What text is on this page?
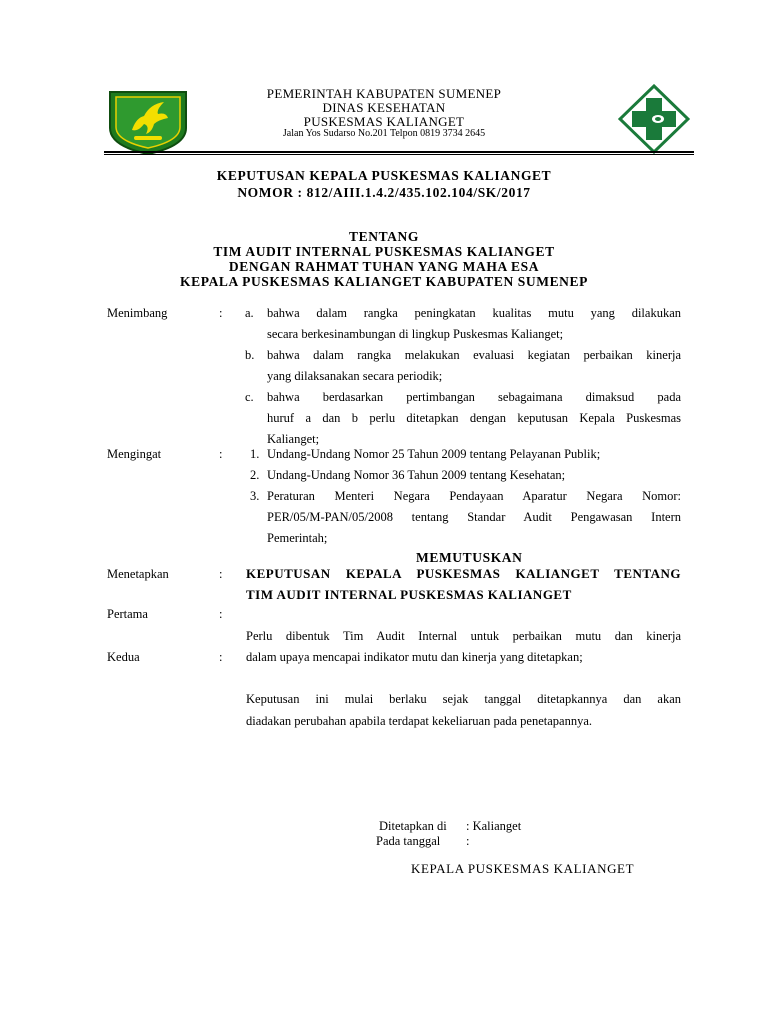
PEMERINTAH KABUPATEN SUMENEP
DINAS KESEHATAN
PUSKESMAS KALIANGET
Jalan Yos Sudarso No.201 Telpon 0819 3734 2645
KEPUTUSAN KEPALA PUSKESMAS KALIANGET
NOMOR : 812/AIII.1.4.2/435.102.104/SK/2017
TENTANG
TIM AUDIT INTERNAL PUSKESMAS KALIANGET
DENGAN RAHMAT TUHAN YANG MAHA ESA
KEPALA PUSKESMAS KALIANGET KABUPATEN SUMENEP
Menimbang	: a. bahwa dalam rangka peningkatan kualitas mutu yang dilakukan
secara berkesinambungan di lingkup Puskesmas Kalianget;
b. bahwa dalam rangka melakukan evaluasi kegiatan perbaikan kinerja
yang dilaksanakan secara periodik;
c. bahwa berdasarkan pertimbangan sebagaimana dimaksud pada
huruf a dan b perlu ditetapkan dengan keputusan Kepala Puskesmas
Kalianget;
Mengingat	: 1. Undang-Undang Nomor 25 Tahun 2009 tentang Pelayanan Publik;
2. Undang-Undang Nomor 36 Tahun 2009 tentang Kesehatan;
3. Peraturan Menteri Negara Pendayaan Aparatur Negara Nomor:
PER/05/M-PAN/05/2008 tentang Standar Audit Pengawasan Intern
Pemerintah;
MEMUTUSKAN
Menetapkan	: KEPUTUSAN KEPALA PUSKESMAS KALIANGET TENTANG
TIM AUDIT INTERNAL PUSKESMAS KALIANGET
Pertama	:
Perlu dibentuk Tim Audit Internal untuk perbaikan mutu dan kinerja
Kedua	: dalam upaya mencapai indikator mutu dan kinerja yang ditetapkan;
Keputusan ini mulai berlaku sejak tanggal ditetapkannya dan akan
diadakan perubahan apabila terdapat kekeliaruan pada penetapannya.
Ditetapkan di : Kalianget
Pada tanggal :
KEPALA PUSKESMAS KALIANGET
